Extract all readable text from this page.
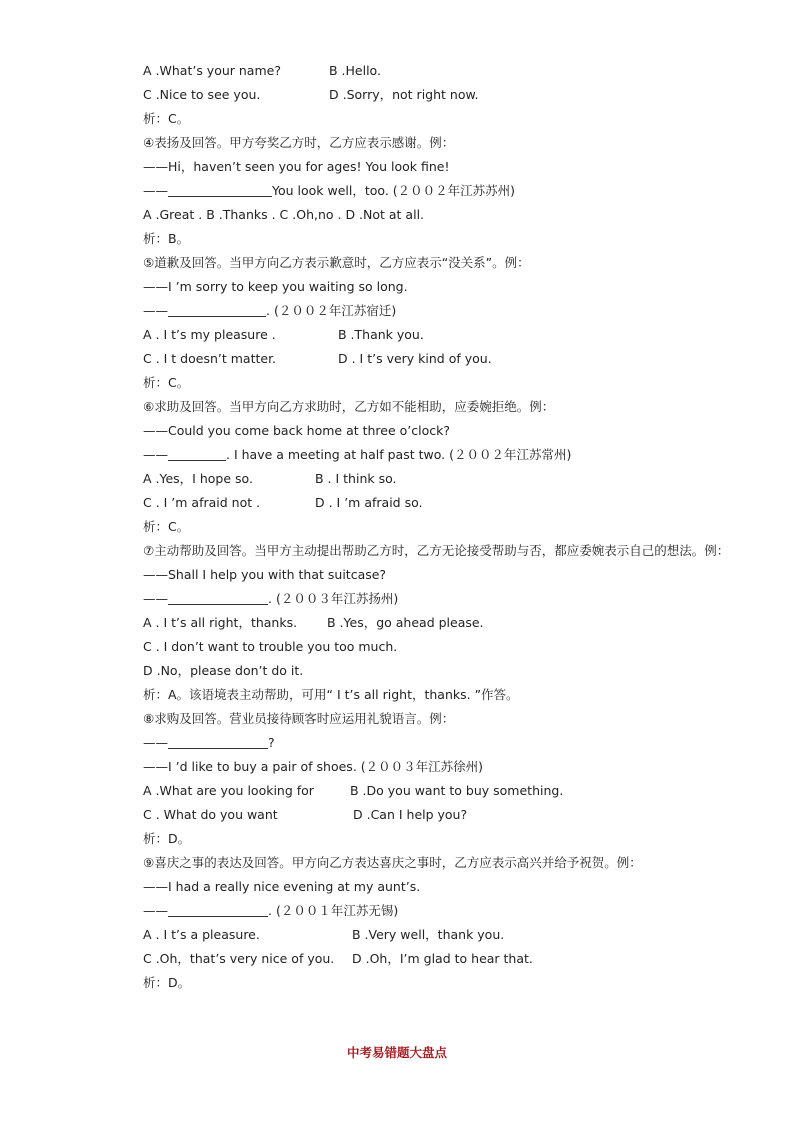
A .What’s your name?	B .Hello.
C .Nice to see you.	D .Sorry，not right now.
析：C。
④表扬及回答。甲方夸奖乙方时，乙方应表示感谢。例：
——Hi，haven’t seen you for ages! You look fine!
——	You look well，too. (２００２年江苏苏州)
A .Great . B .Thanks . C .Oh,no . D .Not at all.
析：B。
⑤道歉及回答。当甲方向乙方表示歉意时，乙方应表示“没关系”。例：
——I ’m sorry to keep you waiting so long.
——	. (２００２年江苏宿迁)
A . I t’s my pleasure .	B .Thank you.
C . I t doesn’t matter.	D . I t’s very kind of you.
析：C。
⑥求助及回答。当甲方向乙方求助时，乙方如不能相助，应委婉拒绝。例：
——Could you come back home at three o’clock?
——	. I have a meeting at half past two. (２００２年江苏常州)
A .Yes，I hope so.	B . I think so.
C . I ’m afraid not .	D . I ’m afraid so.
析：C。
⑦主动帮助及回答。当甲方主动提出帮助乙方时，乙方无论接受帮助与否，都应委婉表示自己的想法。例：
——Shall I help you with that suitcase?
——	. (２００３年江苏扬州)
A . I t’s all right，thanks. B .Yes，go ahead please.
C . I don’t want to trouble you too much.
D .No，please don’t do it.
析：A。该语境表主动帮助，可用“ I t’s all right，thanks. ”作答。
⑧求购及回答。营业员接待顾客时应运用礼貌语言。例：
——	?
——I ’d like to buy a pair of shoes. (２００３年江苏徐州)
A .What are you looking for	B .Do you want to buy something.
C . What do you want	D .Can I help you?
析：D。
⑨喜庆之事的表达及回答。甲方向乙方表达喜庆之事时，乙方应表示高兴并给予祝贺。例：
——I had a really nice evening at my aunt’s.
——	. (２００１年江苏无锡)
A . I t’s a pleasure.	B .Very well，thank you.
C .Oh，that’s very nice of you. D .Oh，I’m glad to hear that.
析：D。
中考易错题大盘点
